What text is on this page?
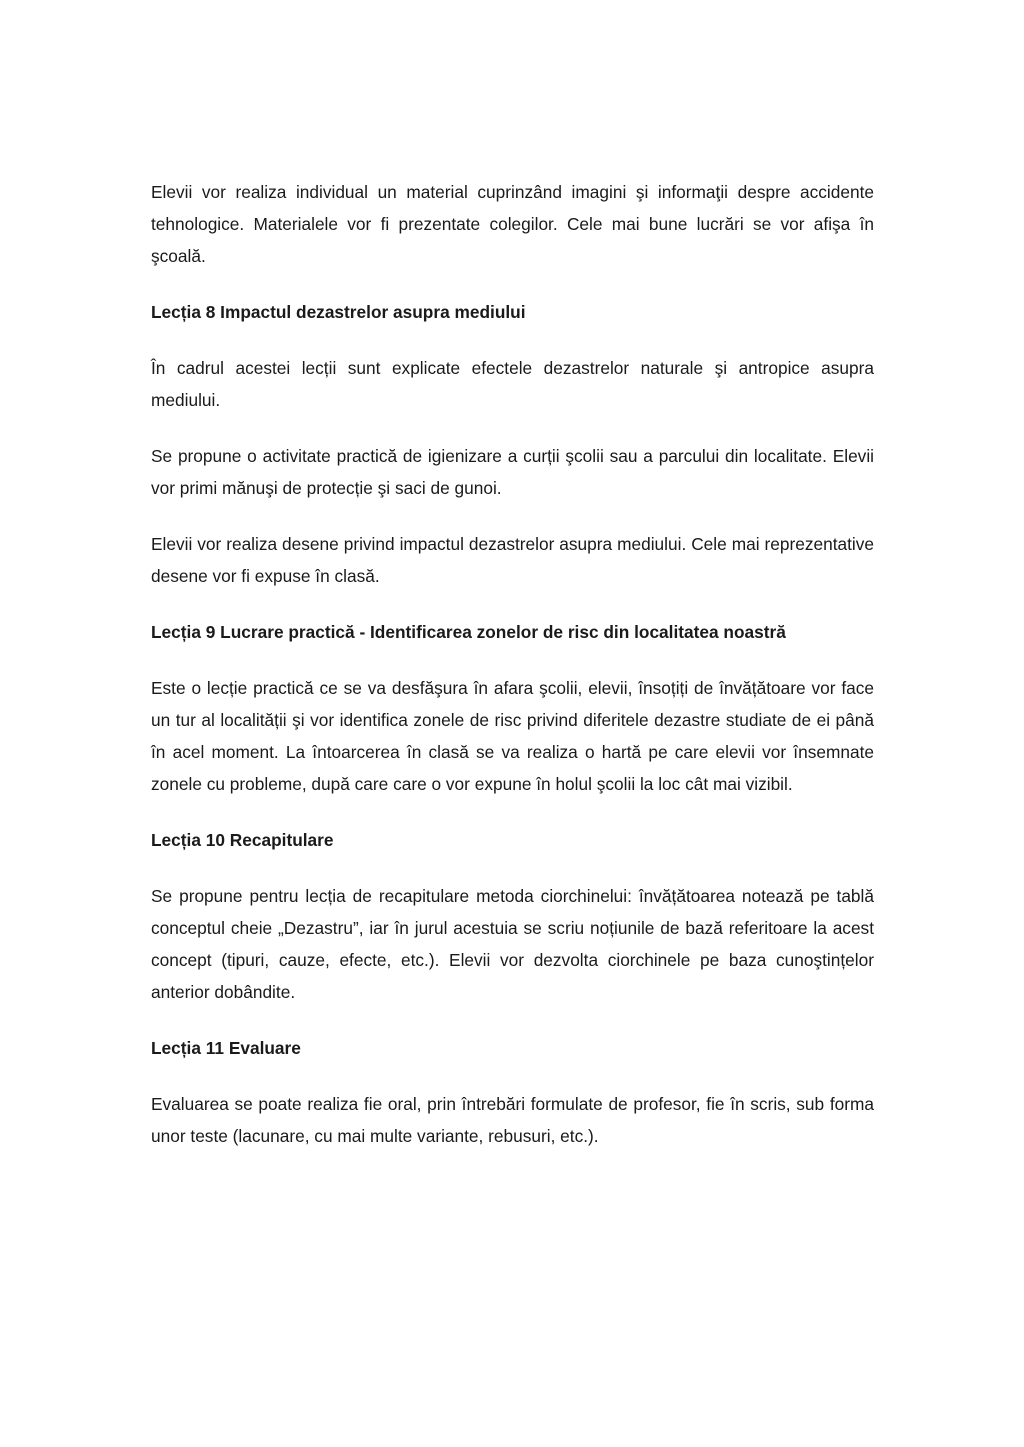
Elevii vor realiza individual un material cuprinzând imagini şi informaţii despre accidente tehnologice. Materialele vor fi prezentate colegilor. Cele mai bune lucrări se vor afişa în şcoală.

Lecția 8 Impactul dezastrelor asupra mediului

În cadrul acestei lecții sunt explicate efectele dezastrelor naturale şi antropice asupra mediului.

Se propune o activitate practică de igienizare a curții şcolii sau a parcului din localitate. Elevii vor primi mănuşi de protecție şi saci de gunoi.

Elevii vor realiza desene privind impactul dezastrelor asupra mediului. Cele mai reprezentative desene vor fi expuse în clasă.

Lecția 9 Lucrare practică - Identificarea zonelor de risc din localitatea noastră

Este o lecție practică ce se va desfăşura în afara şcolii, elevii, însoțiți de învățătoare vor face un tur al localității şi vor identifica zonele de risc privind diferitele dezastre studiate de ei până în acel moment. La întoarcerea în clasă se va realiza o hartă pe care elevii vor însemnate zonele cu probleme, după care care o vor expune în holul şcolii la loc cât mai vizibil.

Lecția 10 Recapitulare

Se propune pentru lecția de recapitulare metoda ciorchinelui: învățătoarea notează pe tablă conceptul cheie „Dezastru”, iar în jurul acestuia se scriu noțiunile de bază referitoare la acest concept (tipuri, cauze, efecte, etc.). Elevii vor dezvolta ciorchinele pe baza cunoştințelor anterior dobândite.

Lecția 11 Evaluare

Evaluarea se poate realiza fie oral, prin întrebări formulate de profesor, fie în scris, sub forma unor teste (lacunare, cu mai multe variante, rebusuri, etc.).
